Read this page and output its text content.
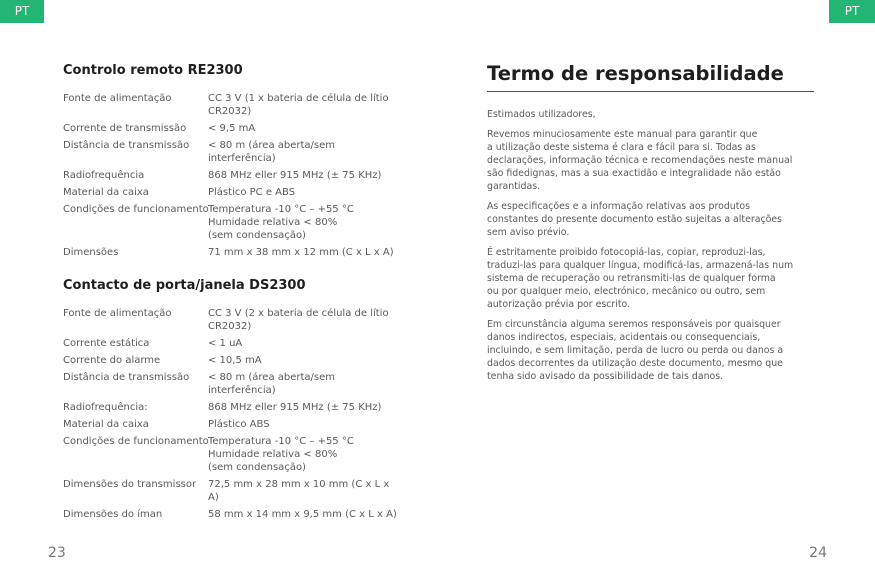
PT	PT
Controlo remoto RE2300
Fonte de alimentação	CC 3 V (1 x bateria de célula de lítio
CR2032)
Corrente de transmissão	< 9,5 mA
Distância de transmissão	< 80 m (área aberta/sem
interferência)
Radiofrequência	868 MHz eller 915 MHz (± 75 KHz)
Material da caixa	Plástico PC e ABS
Condições de funcionamento Temperatura -10 °C – +55 °C
Humidade relativa < 80%
(sem condensação)
Dimensões	71 mm x 38 mm x 12 mm (C x L x A)
Contacto de porta/janela DS2300
Fonte de alimentação	CC 3 V (2 x bateria de célula de lítio
CR2032)
Corrente estática	< 1 uA
Corrente do alarme	< 10,5 mA
Distância de transmissão	< 80 m (área aberta/sem
interferência)
Radiofrequência:	868 MHz eller 915 MHz (± 75 KHz)
Material da caixa	Plástico ABS
Condições de funcionamento Temperatura -10 °C – +55 °C
Humidade relativa < 80%
(sem condensação)
Dimensões do transmissor	72,5 mm x 28 mm x 10 mm (C x L x A)
Dimensões do íman	58 mm x 14 mm x 9,5 mm (C x L x A)
Termo de responsabilidade

Estimados utilizadores,

Revemos minuciosamente este manual para garantir que
a utilização deste sistema é clara e fácil para si. Todas as
declarações, informação técnica e recomendações neste manual
são fidedignas, mas a sua exactidão e integralidade não estão
garantidas.

As especificações e a informação relativas aos produtos
constantes do presente documento estão sujeitas a alterações
sem aviso prévio.

É estritamente proibido fotocopiá-las, copiar, reproduzi-las,
traduzi-las para qualquer língua, modificá-las, armazená-las num
sistema de recuperação ou retransmiti-las de qualquer forma
ou por qualquer meio, electrónico, mecânico ou outro, sem
autorização prévia por escrito.

Em circunstância alguma seremos responsáveis por quaisquer
danos indirectos, especiais, acidentais ou consequenciais,
incluindo, e sem limitação, perda de lucro ou perda ou danos a
dados decorrentes da utilização deste documento, mesmo que
tenha sido avisado da possibilidade de tais danos.

23	24
